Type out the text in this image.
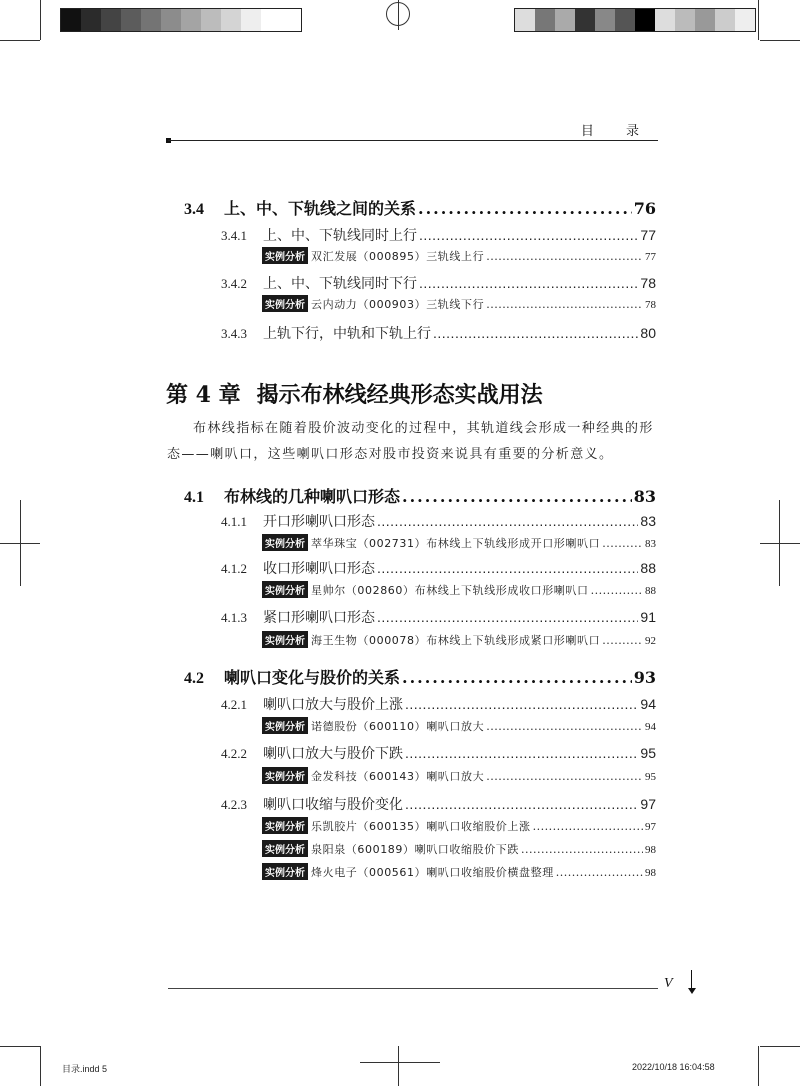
目 录
3.4	上、中、下轨线之间的关系 .....	76
3.4.1	上、中、下轨线同时上行 .....	77
实例分析 双汇发展（000895）三轨线上行 .....	77
3.4.2	上、中、下轨线同时下行 .....	78
实例分析 云内动力（000903）三轨线下行 .....	78
3.4.3	上轨下行，中轨和下轨上行 .....	80
第 4 章 揭示布林线经典形态实战用法
布林线指标在随着股价波动变化的过程中，其轨道线会形成一种经典的形态——喇叭口，这些喇叭口形态对股市投资来说具有重要的分析意义。
4.1	布林线的几种喇叭口形态 .....	83
4.1.1	开口形喇叭口形态 .....	83
实例分析 萃华珠宝（002731）布林线上下轨线形成开口形喇叭口 .....	83
4.1.2	收口形喇叭口形态 .....	88
实例分析 星帅尔（002860）布林线上下轨线形成收口形喇叭口 .....	88
4.1.3	紧口形喇叭口形态 .....	91
实例分析 海王生物（000078）布林线上下轨线形成紧口形喇叭口 .....	92
4.2	喇叭口变化与股价的关系 .....	93
4.2.1	喇叭口放大与股价上涨 .....	94
实例分析 诺德股份（600110）喇叭口放大 .....	94
4.2.2	喇叭口放大与股价下跌 .....	95
实例分析 金发科技（600143）喇叭口放大 .....	95
4.2.3	喇叭口收缩与股价变化 .....	97
实例分析 乐凯胶片（600135）喇叭口收缩股价上涨 .....	97
实例分析 泉阳泉（600189）喇叭口收缩股价下跌 .....	98
实例分析 烽火电子（000561）喇叭口收缩股价横盘整理 .....	98
V
目录.indd 5	2022/10/18 16:04:58
